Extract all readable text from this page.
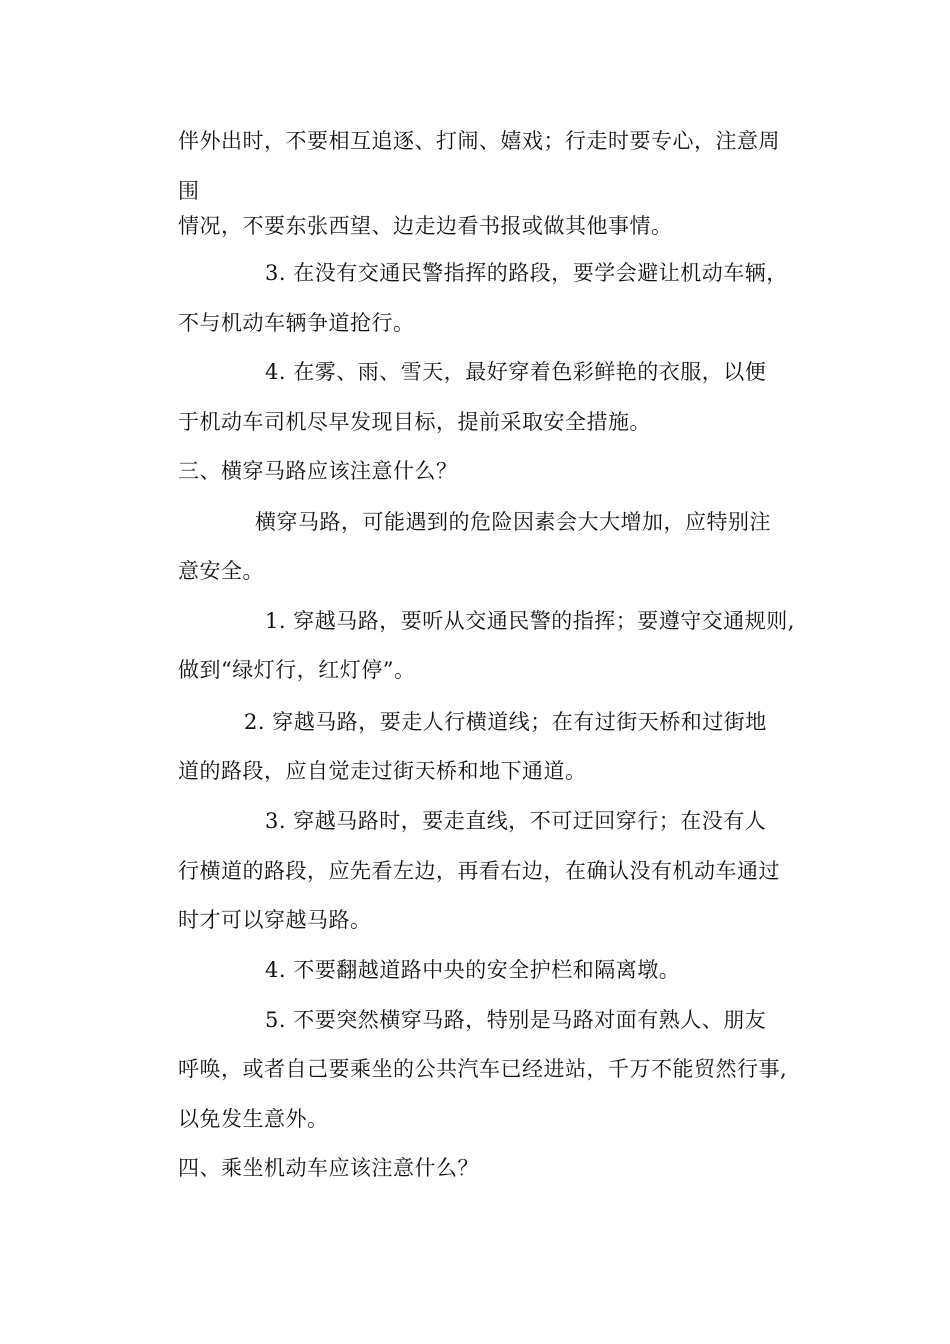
伴外出时，不要相互追逐、打闹、嬉戏；行走时要专心，注意周
围
情况，不要东张西望、边走边看书报或做其他事情。
3. 在没有交通民警指挥的路段，要学会避让机动车辆，
不与机动车辆争道抢行。
4. 在雾、雨、雪天，最好穿着色彩鲜艳的衣服，以便
于机动车司机尽早发现目标，提前采取安全措施。
三、横穿马路应该注意什么？
横穿马路，可能遇到的危险因素会大大增加，应特别注
意安全。
1. 穿越马路，要听从交通民警的指挥；要遵守交通规则,
做到“绿灯行，红灯停”。
2. 穿越马路，要走人行横道线；在有过街天桥和过街地
道的路段，应自觉走过街天桥和地下通道。
3. 穿越马路时，要走直线，不可迂回穿行；在没有人
行横道的路段，应先看左边，再看右边，在确认没有机动车通过
时才可以穿越马路。
4. 不要翻越道路中央的安全护栏和隔离墩。
5. 不要突然横穿马路，特别是马路对面有熟人、朋友
呼唤，或者自己要乘坐的公共汽车已经进站，千万不能贸然行事,
以免发生意外。
四、乘坐机动车应该注意什么？
